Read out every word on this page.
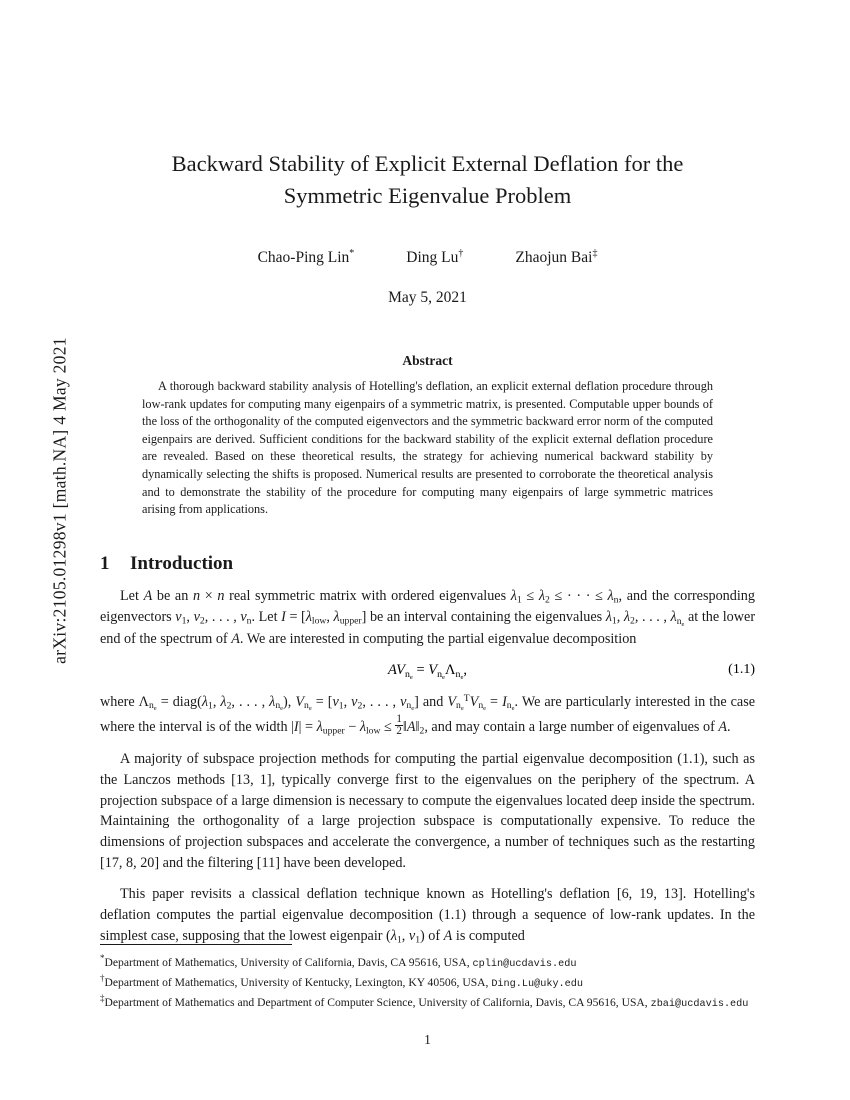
arXiv:2105.01298v1 [math.NA] 4 May 2021
Backward Stability of Explicit External Deflation for the
Symmetric Eigenvalue Problem
Chao-Ping Lin*	Ding Lu†	Zhaojun Bai‡
May 5, 2021
Abstract
A thorough backward stability analysis of Hotelling's deflation, an explicit external deflation procedure through low-rank updates for computing many eigenpairs of a symmetric matrix, is presented. Computable upper bounds of the loss of the orthogonality of the computed eigenvectors and the symmetric backward error norm of the computed eigenpairs are derived. Sufficient conditions for the backward stability of the explicit external deflation procedure are revealed. Based on these theoretical results, the strategy for achieving numerical backward stability by dynamically selecting the shifts is proposed. Numerical results are presented to corroborate the theoretical analysis and to demonstrate the stability of the procedure for computing many eigenpairs of large symmetric matrices arising from applications.
1 Introduction
Let A be an n × n real symmetric matrix with ordered eigenvalues $\lambda_1 \le \lambda_2$ ≤ · · · ≤ $\lambda_n$, and the corresponding eigenvectors $v_1$, $v_2$, . . . , $v_n$. Let $I = [\lambda_{low}$, $\lambda_{upper}$] be an interval containing the eigenvalues $\lambda_1$, $\lambda_2$, . . . , $\lambda_{n_e}$ at the lower end of the spectrum of A. We are interested in computing the partial eigenvalue decomposition
$AV_{n_e} = V_{n_e}\Lambda_{n_e}$,	(1.1)
where $\Lambda_{n_e}$ = $diag(\lambda_1$, $\lambda_2$, . . . , $\lambda_{n_e}$), $V_{n_e} = [v_1$, $v_2$, . . . , $v_{n_e}$] and $V_{n_e}^TV_{n_e} = I_{n_e}$. We are particularly interested in the case where the interval is of the width $|I| = \lambda_{upper} - \lambda_{low} \le \frac{1}{2}$ $‖A‖_2$, and may contain a large number of eigenvalues of A.
A majority of subspace projection methods for computing the partial eigenvalue decomposition (1.1), such as the Lanczos methods [13, 1], typically converge first to the eigenvalues on the periphery of the spectrum. A projection subspace of a large dimension is necessary to compute the eigenvalues located deep inside the spectrum. Maintaining the orthogonality of a large projection subspace is computationally expensive. To reduce the dimensions of projection subspaces and accelerate the convergence, a number of techniques such as the restarting [17, 8, 20] and the filtering [11] have been developed.
This paper revisits a classical deflation technique known as Hotelling's deflation [6, 19, 13]. Hotelling's deflation computes the partial eigenvalue decomposition (1.1) through a sequence of low-rank updates. In the simplest case, supposing that the lowest eigenpair ($\lambda_1$, $v_1$) of A is computed
*Department of Mathematics, University of California, Davis, CA 95616, USA, cplin@ucdavis.edu
†Department of Mathematics, University of Kentucky, Lexington, KY 40506, USA, Ding.Lu@uky.edu
‡Department of Mathematics and Department of Computer Science, University of California, Davis, CA 95616, USA, zbai@ucdavis.edu
1
